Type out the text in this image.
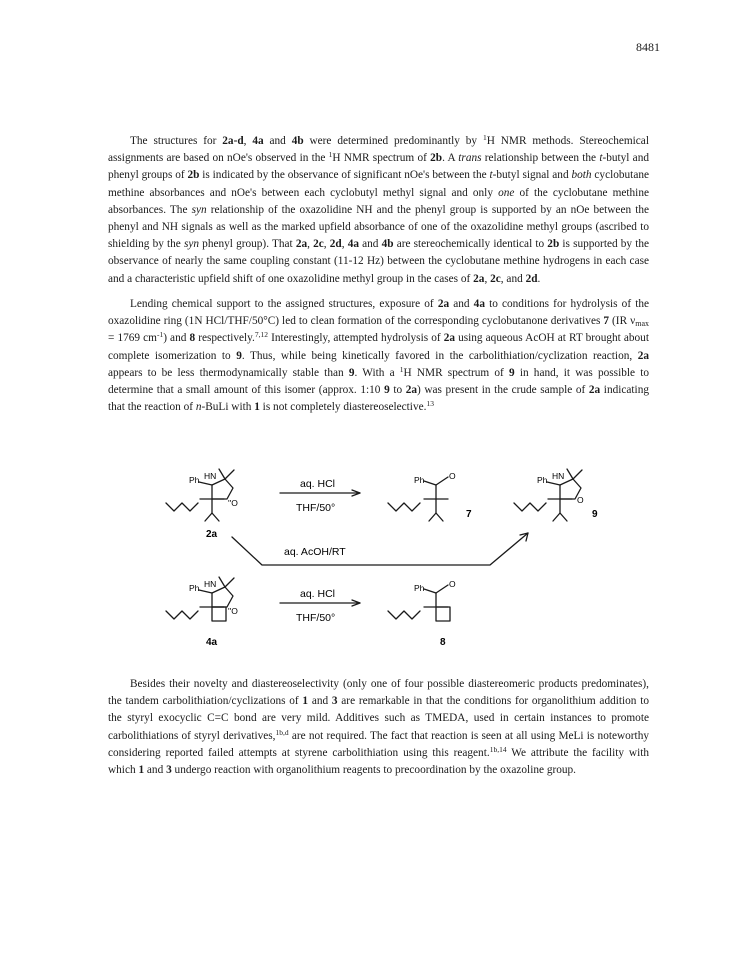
8481

The structures for 2a-d, 4a and 4b were determined predominantly by $^1$H NMR methods. Stereochemical assignments are based on nOe's observed in the $^1$H NMR spectrum of 2b. A trans relationship between the t-butyl and phenyl groups of 2b is indicated by the observance of significant nOe's between the t-butyl signal and both cyclobutane methine absorbances and nOe's between each cyclobutyl methyl signal and only one of the cyclobutane methine absorbances. The syn relationship of the oxazolidine NH and the phenyl group is supported by an nOe between the phenyl and NH signals as well as the marked upfield absorbance of one of the oxazolidine methyl groups (ascribed to shielding by the syn phenyl group). That 2a, 2c, 2d, 4a and 4b are stereochemically identical to 2b is supported by the observance of nearly the same coupling constant (11-12 Hz) between the cyclobutane methine hydrogens in each case and a characteristic upfield shift of one oxazolidine methyl group in the cases of 2a, 2c, and 2d.

Lending chemical support to the assigned structures, exposure of 2a and 4a to conditions for hydrolysis of the oxazolidine ring (1N HCl/THF/50°C) led to clean formation of the corresponding cyclobutanone derivatives 7 (IR $\nu_{max} = 1769$ $cm^{-1}$) and 8 respectively.$^{7,12}$ Interestingly, attempted hydrolysis of 2a using aqueous AcOH at RT brought about complete isomerization to 9. Thus, while being kinetically favored in the carbolithiation/cyclization reaction, 2a appears to be less thermodynamically stable than 9. With a $^1$H NMR spectrum of 9 in hand, it was possible to determine that a small amount of this isomer (approx. 1:10 9 to 2a) was present in the crude sample of 2a indicating that the reaction of n-BuLi with 1 is not completely diastereoselective.$^{13}$

Ph HN
''O
Ph	O	Ph HN
O
Ph HN
''O
Ph	O
aq. HCl
THF/50°
aq. AcOH/RT
aq. HCl
THF/50°
2a
7	9
4a	8

Besides their novelty and diastereoselectivity (only one of four possible diastereomeric products predominates), the tandem carbolithiation/cyclizations of 1 and 3 are remarkable in that the conditions for organolithium addition to the styryl exocyclic C=C bond are very mild. Additives such as TMEDA, used in certain instances to promote carbolithiations of styryl derivatives,$^{1b,d}$ are not required. The fact that reaction is seen at all using MeLi is noteworthy considering reported failed attempts at styrene carbolithiation using this reagent.$^{1b,14}$ We attribute the facility with which 1 and 3 undergo reaction with organolithium reagents to precoordination by the oxazoline group.
